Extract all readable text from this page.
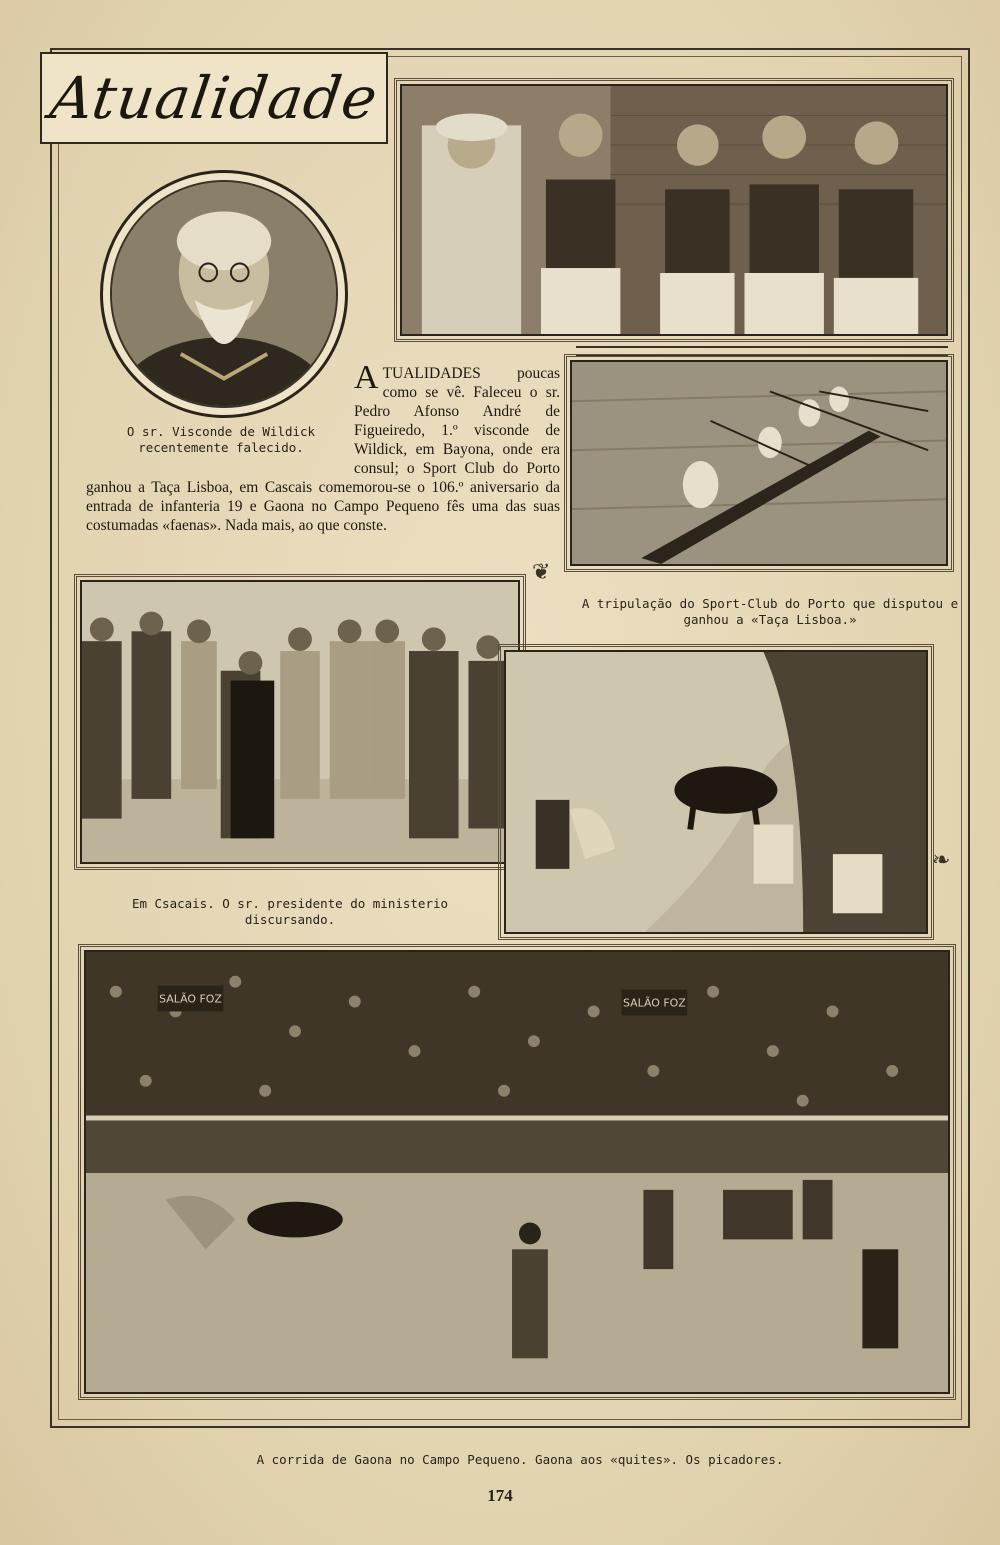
Atualidade
O sr. Visconde de Wildick recentemente falecido.
ATUALIDADES poucas como se vê. Faleceu o sr. Pedro Afonso André de Figueiredo, 1.º visconde de Wildick, em Bayona, onde era consul; o Sport Club do Porto ganhou a Taça Lisboa, em Cascais comemorou-se o 106.º aniversario da entrada de infanteria 19 e Gaona no Campo Pequeno fês uma das suas costumadas «faenas». Nada mais, ao que conste.
A tripulação do Sport-Club do Porto que disputou e ganhou a «Taça Lisboa.»
❦
Em Csacais. O sr. presidente do ministerio discursando.
❧
SALÃO FOZ	SALÃO FOZ
A corrida de Gaona no Campo Pequeno. Gaona aos «quites». Os picadores.
174
